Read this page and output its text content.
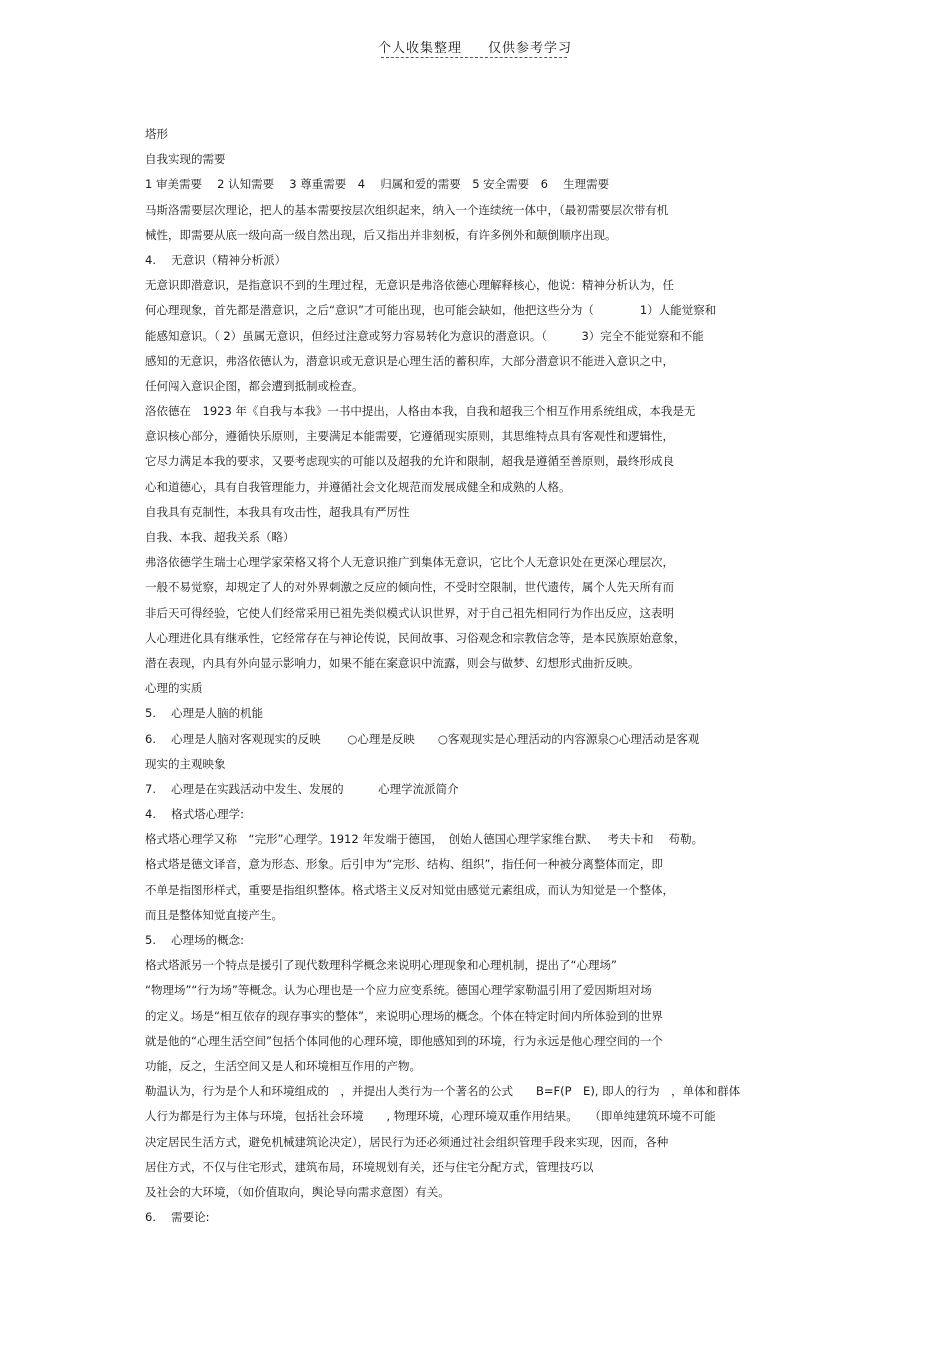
个人收集整理 仅供参考学习
塔形
自我实现的需要
1 审美需要　 2 认知需要　 3 尊重需要　4　 归属和爱的需要　5 安全需要　6　 生理需要
马斯洛需要层次理论，把人的基本需要按层次组织起来，纳入一个连续统一体中，（最初需要层次带有机
械性，即需要从底一级向高一级自然出现，后又指出并非刻板，有许多例外和颠倒顺序出现。
4.　 无意识（精神分析派）
无意识即潜意识，是指意识不到的生理过程，无意识是弗洛依德心理解释核心，他说：精神分析认为，任
何心理现象，首先都是潜意识，之后“意识”才可能出现，也可能会缺如，他把这些分为（　　　　1）人能觉察和
能感知意识。（ 2）虽属无意识，但经过注意或努力容易转化为意识的潜意识。（　　　3）完全不能觉察和不能
感知的无意识，弗洛依德认为，潜意识或无意识是心理生活的蓄积库，大部分潜意识不能进入意识之中，
任何闯入意识企图，都会遭到抵制或检查。
洛依德在　1923 年《自我与本我》一书中提出，人格由本我，自我和超我三个相互作用系统组成，本我是无
意识核心部分，遵循快乐原则，主要满足本能需要，它遵循现实原则，其思维特点具有客观性和逻辑性，
它尽力满足本我的要求，又要考虑现实的可能以及超我的允许和限制，超我是遵循至善原则，最终形成良
心和道德心，具有自我管理能力，并遵循社会文化规范而发展成健全和成熟的人格。
自我具有克制性，本我具有攻击性，超我具有严厉性
自我、本我、超我关系（略）
弗洛依德学生瑞士心理学家荣格又将个人无意识推广到集体无意识，它比个人无意识处在更深心理层次，
一般不易觉察，却规定了人的对外界刺激之反应的倾向性，不受时空限制，世代遗传，属个人先天所有而
非后天可得经验，它使人们经常采用已祖先类似模式认识世界，对于自己祖先相同行为作出反应，这表明
人心理进化具有继承性，它经常存在与神论传说，民间故事、习俗观念和宗教信念等，是本民族原始意象，
潜在表现，内具有外向显示影响力，如果不能在案意识中流露，则会与做梦、幻想形式曲折反映。
心理的实质
5.　 心理是人脑的机能
6.　 心理是人脑对客观现实的反映　　 ○心理是反映　　○客观现实是心理活动的内容源泉○心理活动是客观
现实的主观映象
7.　 心理是在实践活动中发生、发展的　　　心理学流派简介
4.　 格式塔心理学:
格式塔心理学又称　“完形”心理学。1912 年发端于德国，　创始人德国心理学家维台默、　 考夫卡和　 苟勒。
格式塔是德文译音，意为形态、形象。后引申为“完形、结构、组织”，指任何一种被分离整体而定，即
不单是指图形样式，重要是指组织整体。格式塔主义反对知觉由感觉元素组成，而认为知觉是一个整体，
而且是整体知觉直接产生。
5.　 心理场的概念:
格式塔派另一个特点是援引了现代数理科学概念来说明心理现象和心理机制，提出了“心理场”
“物理场”“行为场”等概念。认为心理也是一个应力应变系统。德国心理学家勒温引用了爱因斯坦对场
的定义。场是“相互依存的现存事实的整体”，来说明心理场的概念。个体在特定时间内所体验到的世界
就是他的“心理生活空间”包括个体同他的心理环境，即他感知到的环境，行为永远是他心理空间的一个
功能，反之，生活空间又是人和环境相互作用的产物。
勒温认为，行为是个人和环境组成的　，并提出人类行为一个著名的公式　　B=F(P　E), 即人的行为　，单体和群体
人行为都是行为主体与环境，包括社会环境　　, 物理环境，心理环境双重作用结果。　　（即单纯建筑环境不可能
决定居民生活方式，避免机械建筑论决定），居民行为还必须通过社会组织管理手段来实现，因而，各种
居住方式，不仅与住宅形式，建筑布局，环境规划有关，还与住宅分配方式，管理技巧以
及社会的大环境，（如价值取向，舆论导向需求意图）有关。
6.　 需要论:
